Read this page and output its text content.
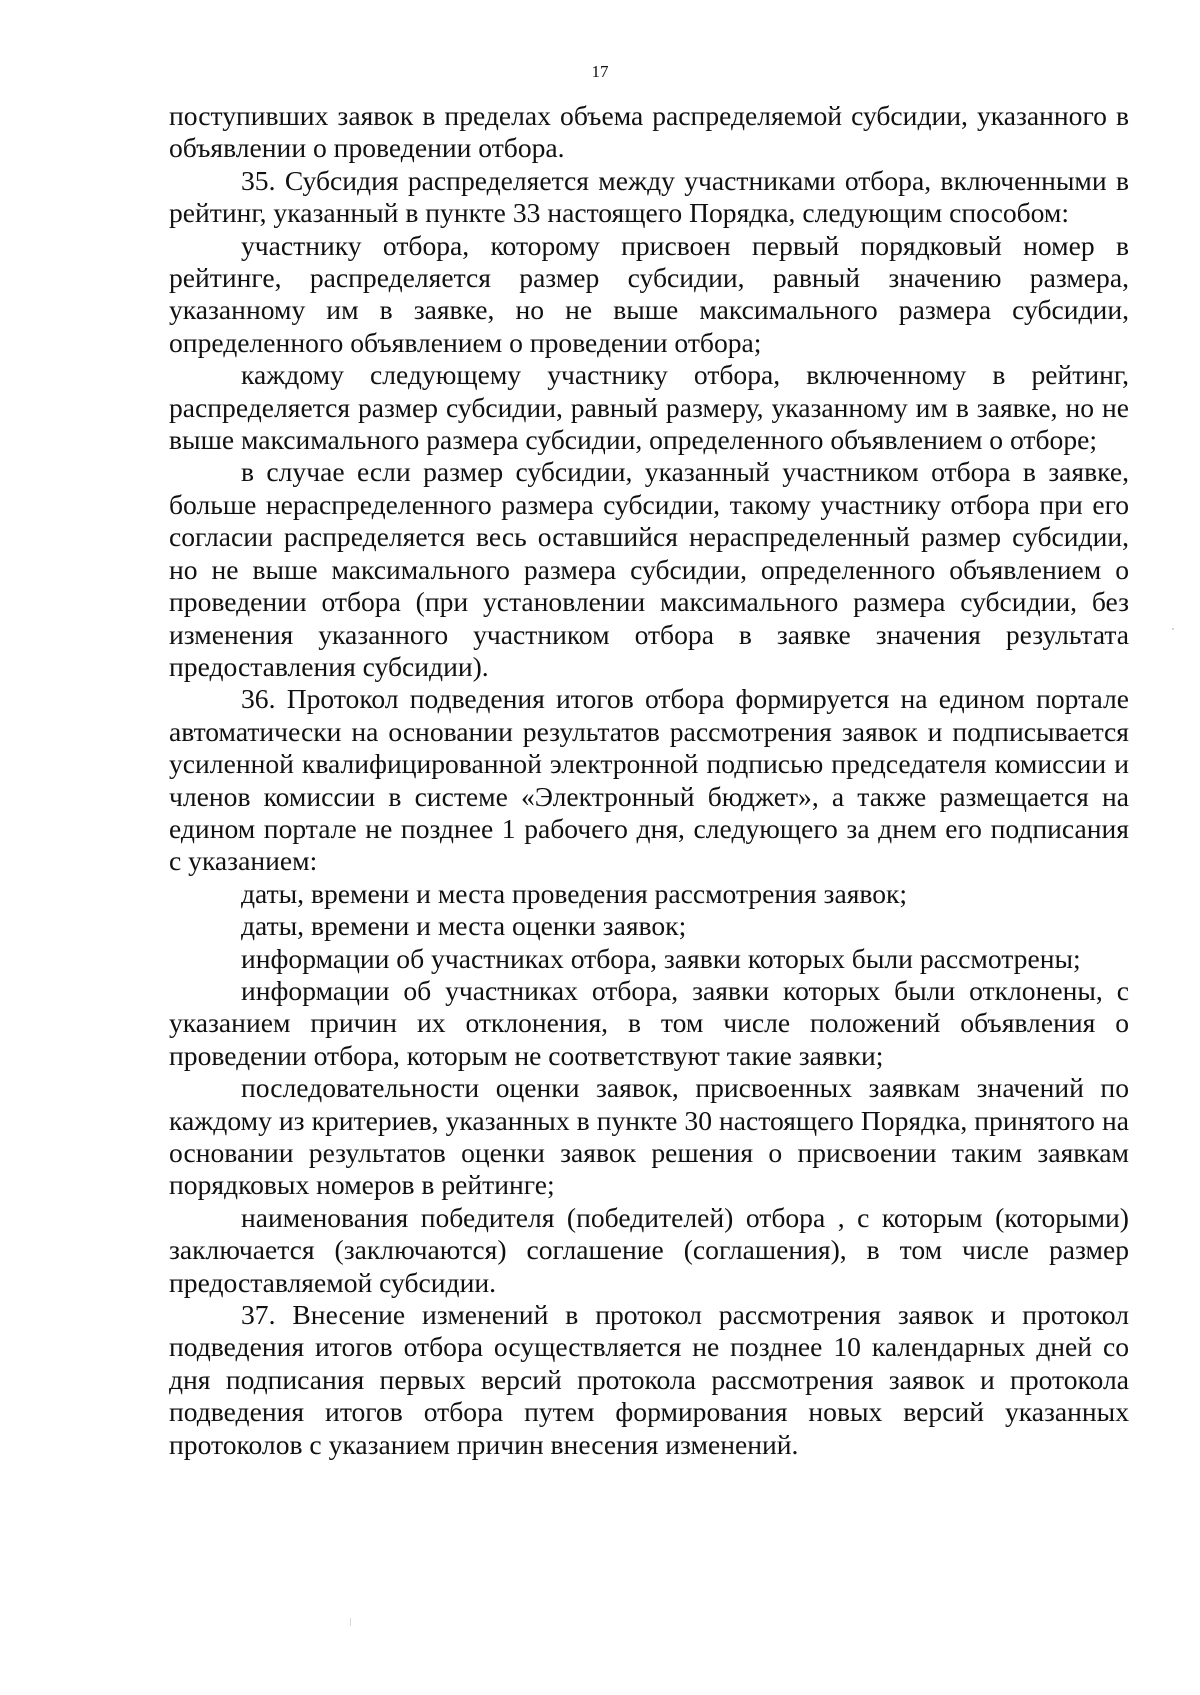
17

поступивших заявок в пределах объема распределяемой субсидии, указанного в объявлении о проведении отбора.

35. Субсидия распределяется между участниками отбора, включенными в рейтинг, указанный в пункте 33 настоящего Порядка, следующим способом:

участнику отбора, которому присвоен первый порядковый номер в рейтинге, распределяется размер субсидии, равный значению размера, указанному им в заявке, но не выше максимального размера субсидии, определенного объявлением о проведении отбора;

каждому следующему участнику отбора, включенному в рейтинг, распределяется размер субсидии, равный размеру, указанному им в заявке, но не выше максимального размера субсидии, определенного объявлением о отборе;

в случае если размер субсидии, указанный участником отбора в заявке, больше нераспределенного размера субсидии, такому участнику отбора при его согласии распределяется весь оставшийся нераспределенный размер субсидии, но не выше максимального размера субсидии, определенного объявлением о проведении отбора (при установлении максимального размера субсидии, без изменения указанного участником отбора в заявке значения результата предоставления субсидии).

36. Протокол подведения итогов отбора формируется на едином портале автоматически на основании результатов рассмотрения заявок и подписывается усиленной квалифицированной электронной подписью председателя комиссии и членов комиссии в системе «Электронный бюджет», а также размещается на едином портале не позднее 1 рабочего дня, следующего за днем его подписания с указанием:

даты, времени и места проведения рассмотрения заявок;

даты, времени и места оценки заявок;

информации об участниках отбора, заявки которых были рассмотрены;

информации об участниках отбора, заявки которых были отклонены, с указанием причин их отклонения, в том числе положений объявления о проведении отбора, которым не соответствуют такие заявки;

последовательности оценки заявок, присвоенных заявкам значений по каждому из критериев, указанных в пункте 30 настоящего Порядка, принятого на основании результатов оценки заявок решения о присвоении таким заявкам порядковых номеров в рейтинге;

наименования победителя (победителей) отбора , с которым (которыми) заключается (заключаются) соглашение (соглашения), в том числе размер предоставляемой субсидии.

37. Внесение изменений в протокол рассмотрения заявок и протокол подведения итогов отбора осуществляется не позднее 10 календарных дней со дня подписания первых версий протокола рассмотрения заявок и протокола подведения итогов отбора путем формирования новых версий указанных протоколов с указанием причин внесения изменений.
